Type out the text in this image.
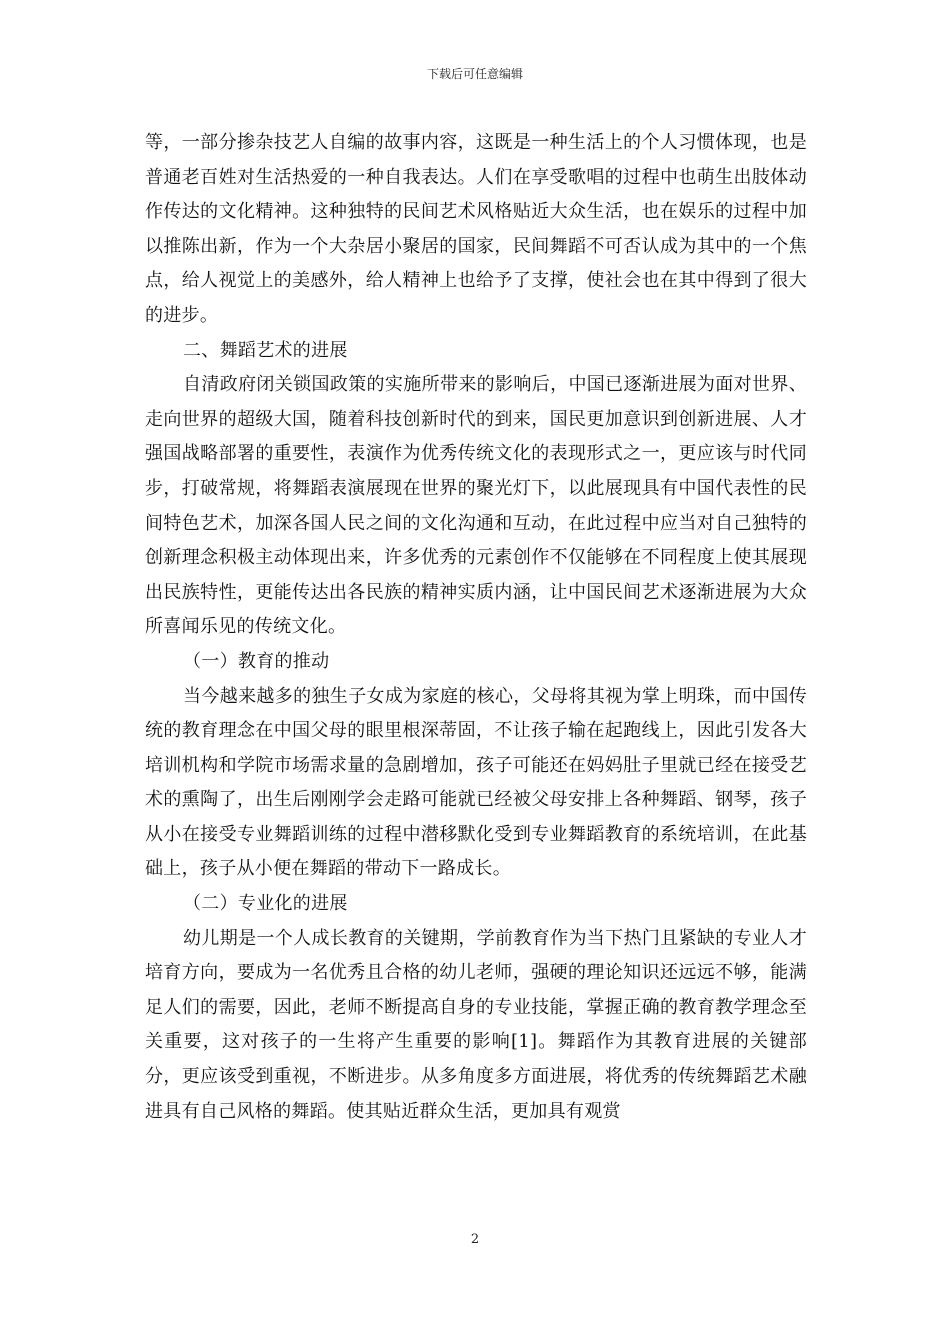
下载后可任意编辑

等，一部分掺杂技艺人自编的故事内容，这既是一种生活上的个人习惯体现，也是普通老百姓对生活热爱的一种自我表达。人们在享受歌唱的过程中也萌生出肢体动作传达的文化精神。这种独特的民间艺术风格贴近大众生活，也在娱乐的过程中加以推陈出新，作为一个大杂居小聚居的国家，民间舞蹈不可否认成为其中的一个焦点，给人视觉上的美感外，给人精神上也给予了支撑，使社会也在其中得到了很大的进步。

二、舞蹈艺术的进展

自清政府闭关锁国政策的实施所带来的影响后，中国已逐渐进展为面对世界、走向世界的超级大国，随着科技创新时代的到来，国民更加意识到创新进展、人才强国战略部署的重要性，表演作为优秀传统文化的表现形式之一，更应该与时代同步，打破常规，将舞蹈表演展现在世界的聚光灯下，以此展现具有中国代表性的民间特色艺术，加深各国人民之间的文化沟通和互动，在此过程中应当对自己独特的创新理念积极主动体现出来，许多优秀的元素创作不仅能够在不同程度上使其展现出民族特性，更能传达出各民族的精神实质内涵，让中国民间艺术逐渐进展为大众所喜闻乐见的传统文化。

（一）教育的推动

当今越来越多的独生子女成为家庭的核心，父母将其视为掌上明珠，而中国传统的教育理念在中国父母的眼里根深蒂固，不让孩子输在起跑线上，因此引发各大培训机构和学院市场需求量的急剧增加，孩子可能还在妈妈肚子里就已经在接受艺术的熏陶了，出生后刚刚学会走路可能就已经被父母安排上各种舞蹈、钢琴，孩子从小在接受专业舞蹈训练的过程中潜移默化受到专业舞蹈教育的系统培训，在此基础上，孩子从小便在舞蹈的带动下一路成长。

（二）专业化的进展

幼儿期是一个人成长教育的关键期，学前教育作为当下热门且紧缺的专业人才培育方向，要成为一名优秀且合格的幼儿老师，强硬的理论知识还远远不够，能满足人们的需要，因此，老师不断提高自身的专业技能，掌握正确的教育教学理念至关重要，这对孩子的一生将产生重要的影响[1]。舞蹈作为其教育进展的关键部分，更应该受到重视，不断进步。从多角度多方面进展，将优秀的传统舞蹈艺术融进具有自己风格的舞蹈。使其贴近群众生活，更加具有观赏

2
